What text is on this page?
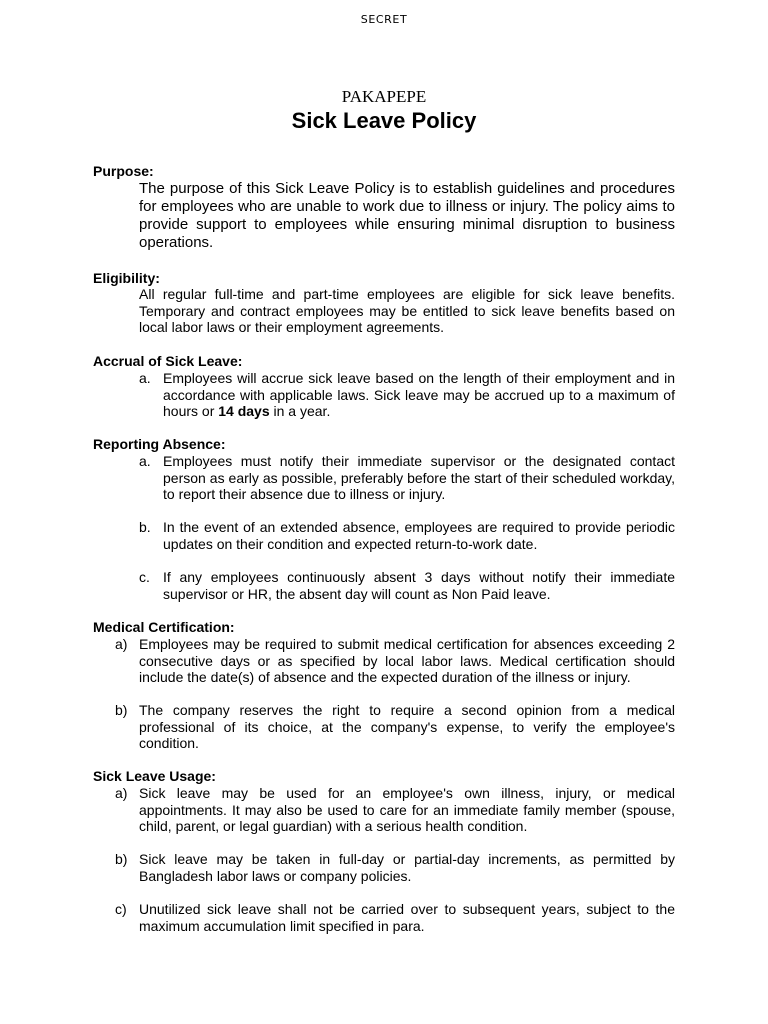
SECRET
PAKAPEPE
Sick Leave Policy
Purpose:
The purpose of this Sick Leave Policy is to establish guidelines and procedures for employees who are unable to work due to illness or injury. The policy aims to provide support to employees while ensuring minimal disruption to business operations.
Eligibility:
All regular full-time and part-time employees are eligible for sick leave benefits. Temporary and contract employees may be entitled to sick leave benefits based on local labor laws or their employment agreements.
Accrual of Sick Leave:
a. Employees will accrue sick leave based on the length of their employment and in accordance with applicable laws. Sick leave may be accrued up to a maximum of hours or 14 days in a year.
Reporting Absence:
a. Employees must notify their immediate supervisor or the designated contact person as early as possible, preferably before the start of their scheduled workday, to report their absence due to illness or injury.
b. In the event of an extended absence, employees are required to provide periodic updates on their condition and expected return-to-work date.
c. If any employees continuously absent 3 days without notify their immediate supervisor or HR, the absent day will count as Non Paid leave.
Medical Certification:
a) Employees may be required to submit medical certification for absences exceeding 2 consecutive days or as specified by local labor laws. Medical certification should include the date(s) of absence and the expected duration of the illness or injury.
b) The company reserves the right to require a second opinion from a medical professional of its choice, at the company's expense, to verify the employee's condition.
Sick Leave Usage:
a) Sick leave may be used for an employee's own illness, injury, or medical appointments. It may also be used to care for an immediate family member (spouse, child, parent, or legal guardian) with a serious health condition.
b) Sick leave may be taken in full-day or partial-day increments, as permitted by Bangladesh labor laws or company policies.
c) Unutilized sick leave shall not be carried over to subsequent years, subject to the maximum accumulation limit specified in para.
